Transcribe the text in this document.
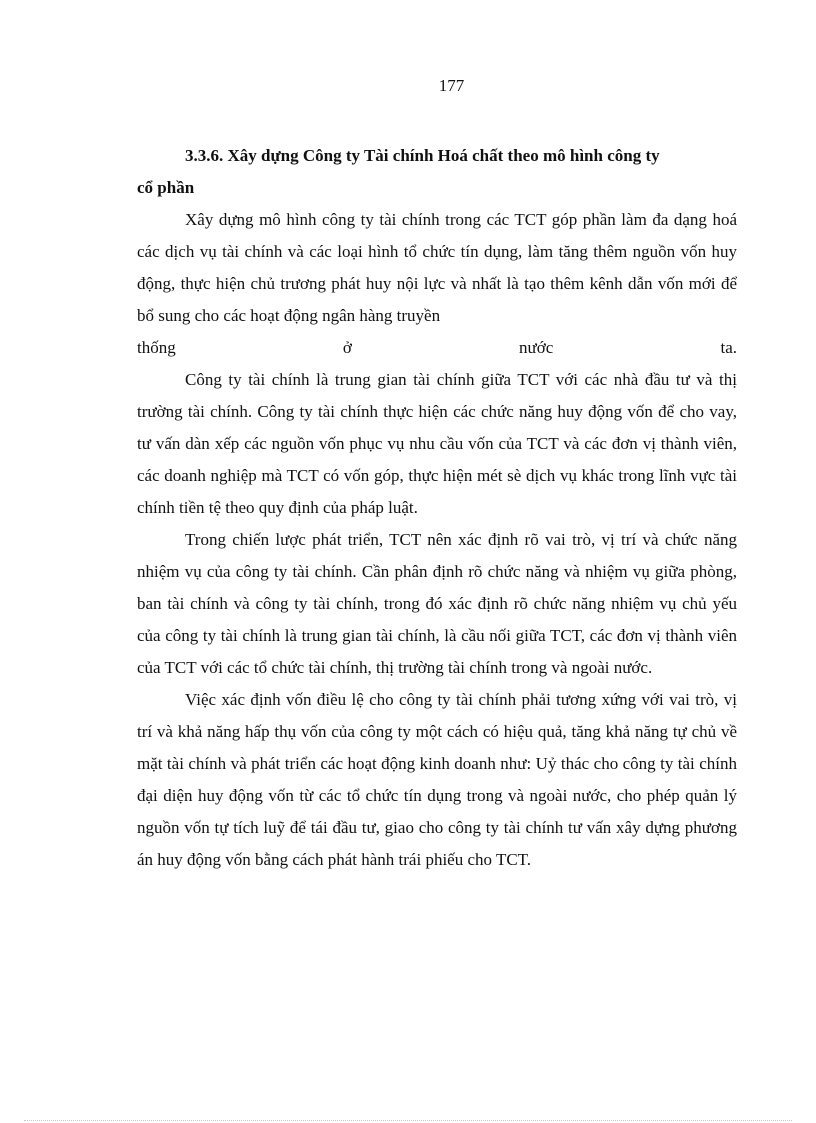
177

3.3.6. Xây dựng Công ty Tài chính Hoá chất theo mô hình công ty
cổ phần

Xây dựng mô hình công ty tài chính trong các TCT góp phần làm đa dạng hoá các dịch vụ tài chính và các loại hình tổ chức tín dụng, làm tăng thêm nguồn vốn huy động, thực hiện chủ trương phát huy nội lực và nhất là tạo thêm kênh dẫn vốn mới để bổ sung cho các hoạt động ngân hàng truyền
thống ở nước ta.

Công ty tài chính là trung gian tài chính giữa TCT với các nhà đầu tư và thị trường tài chính. Công ty tài chính thực hiện các chức năng huy động vốn để cho vay, tư vấn dàn xếp các nguồn vốn phục vụ nhu cầu vốn của TCT và các đơn vị thành viên, các doanh nghiệp mà TCT có vốn góp, thực hiện mét sè dịch vụ khác trong lĩnh vực tài chính tiền tệ theo quy định của pháp luật.

Trong chiến lược phát triển, TCT nên xác định rõ vai trò, vị trí và chức năng nhiệm vụ của công ty tài chính. Cần phân định rõ chức năng và nhiệm vụ giữa phòng, ban tài chính và công ty tài chính, trong đó xác định rõ chức năng nhiệm vụ chủ yếu của công ty tài chính là trung gian tài chính, là cầu nối giữa TCT, các đơn vị thành viên của TCT với các tổ chức tài chính, thị trường tài chính trong và ngoài nước.

Việc xác định vốn điều lệ cho công ty tài chính phải tương xứng với vai trò, vị trí và khả năng hấp thụ vốn của công ty một cách có hiệu quả, tăng khả năng tự chủ về mặt tài chính và phát triển các hoạt động kinh doanh như: Uỷ thác cho công ty tài chính đại diện huy động vốn từ các tổ chức tín dụng trong và ngoài nước, cho phép quản lý nguồn vốn tự tích luỹ để tái đầu tư, giao cho công ty tài chính tư vấn xây dựng phương án huy động vốn bằng cách phát hành trái phiếu cho TCT.
